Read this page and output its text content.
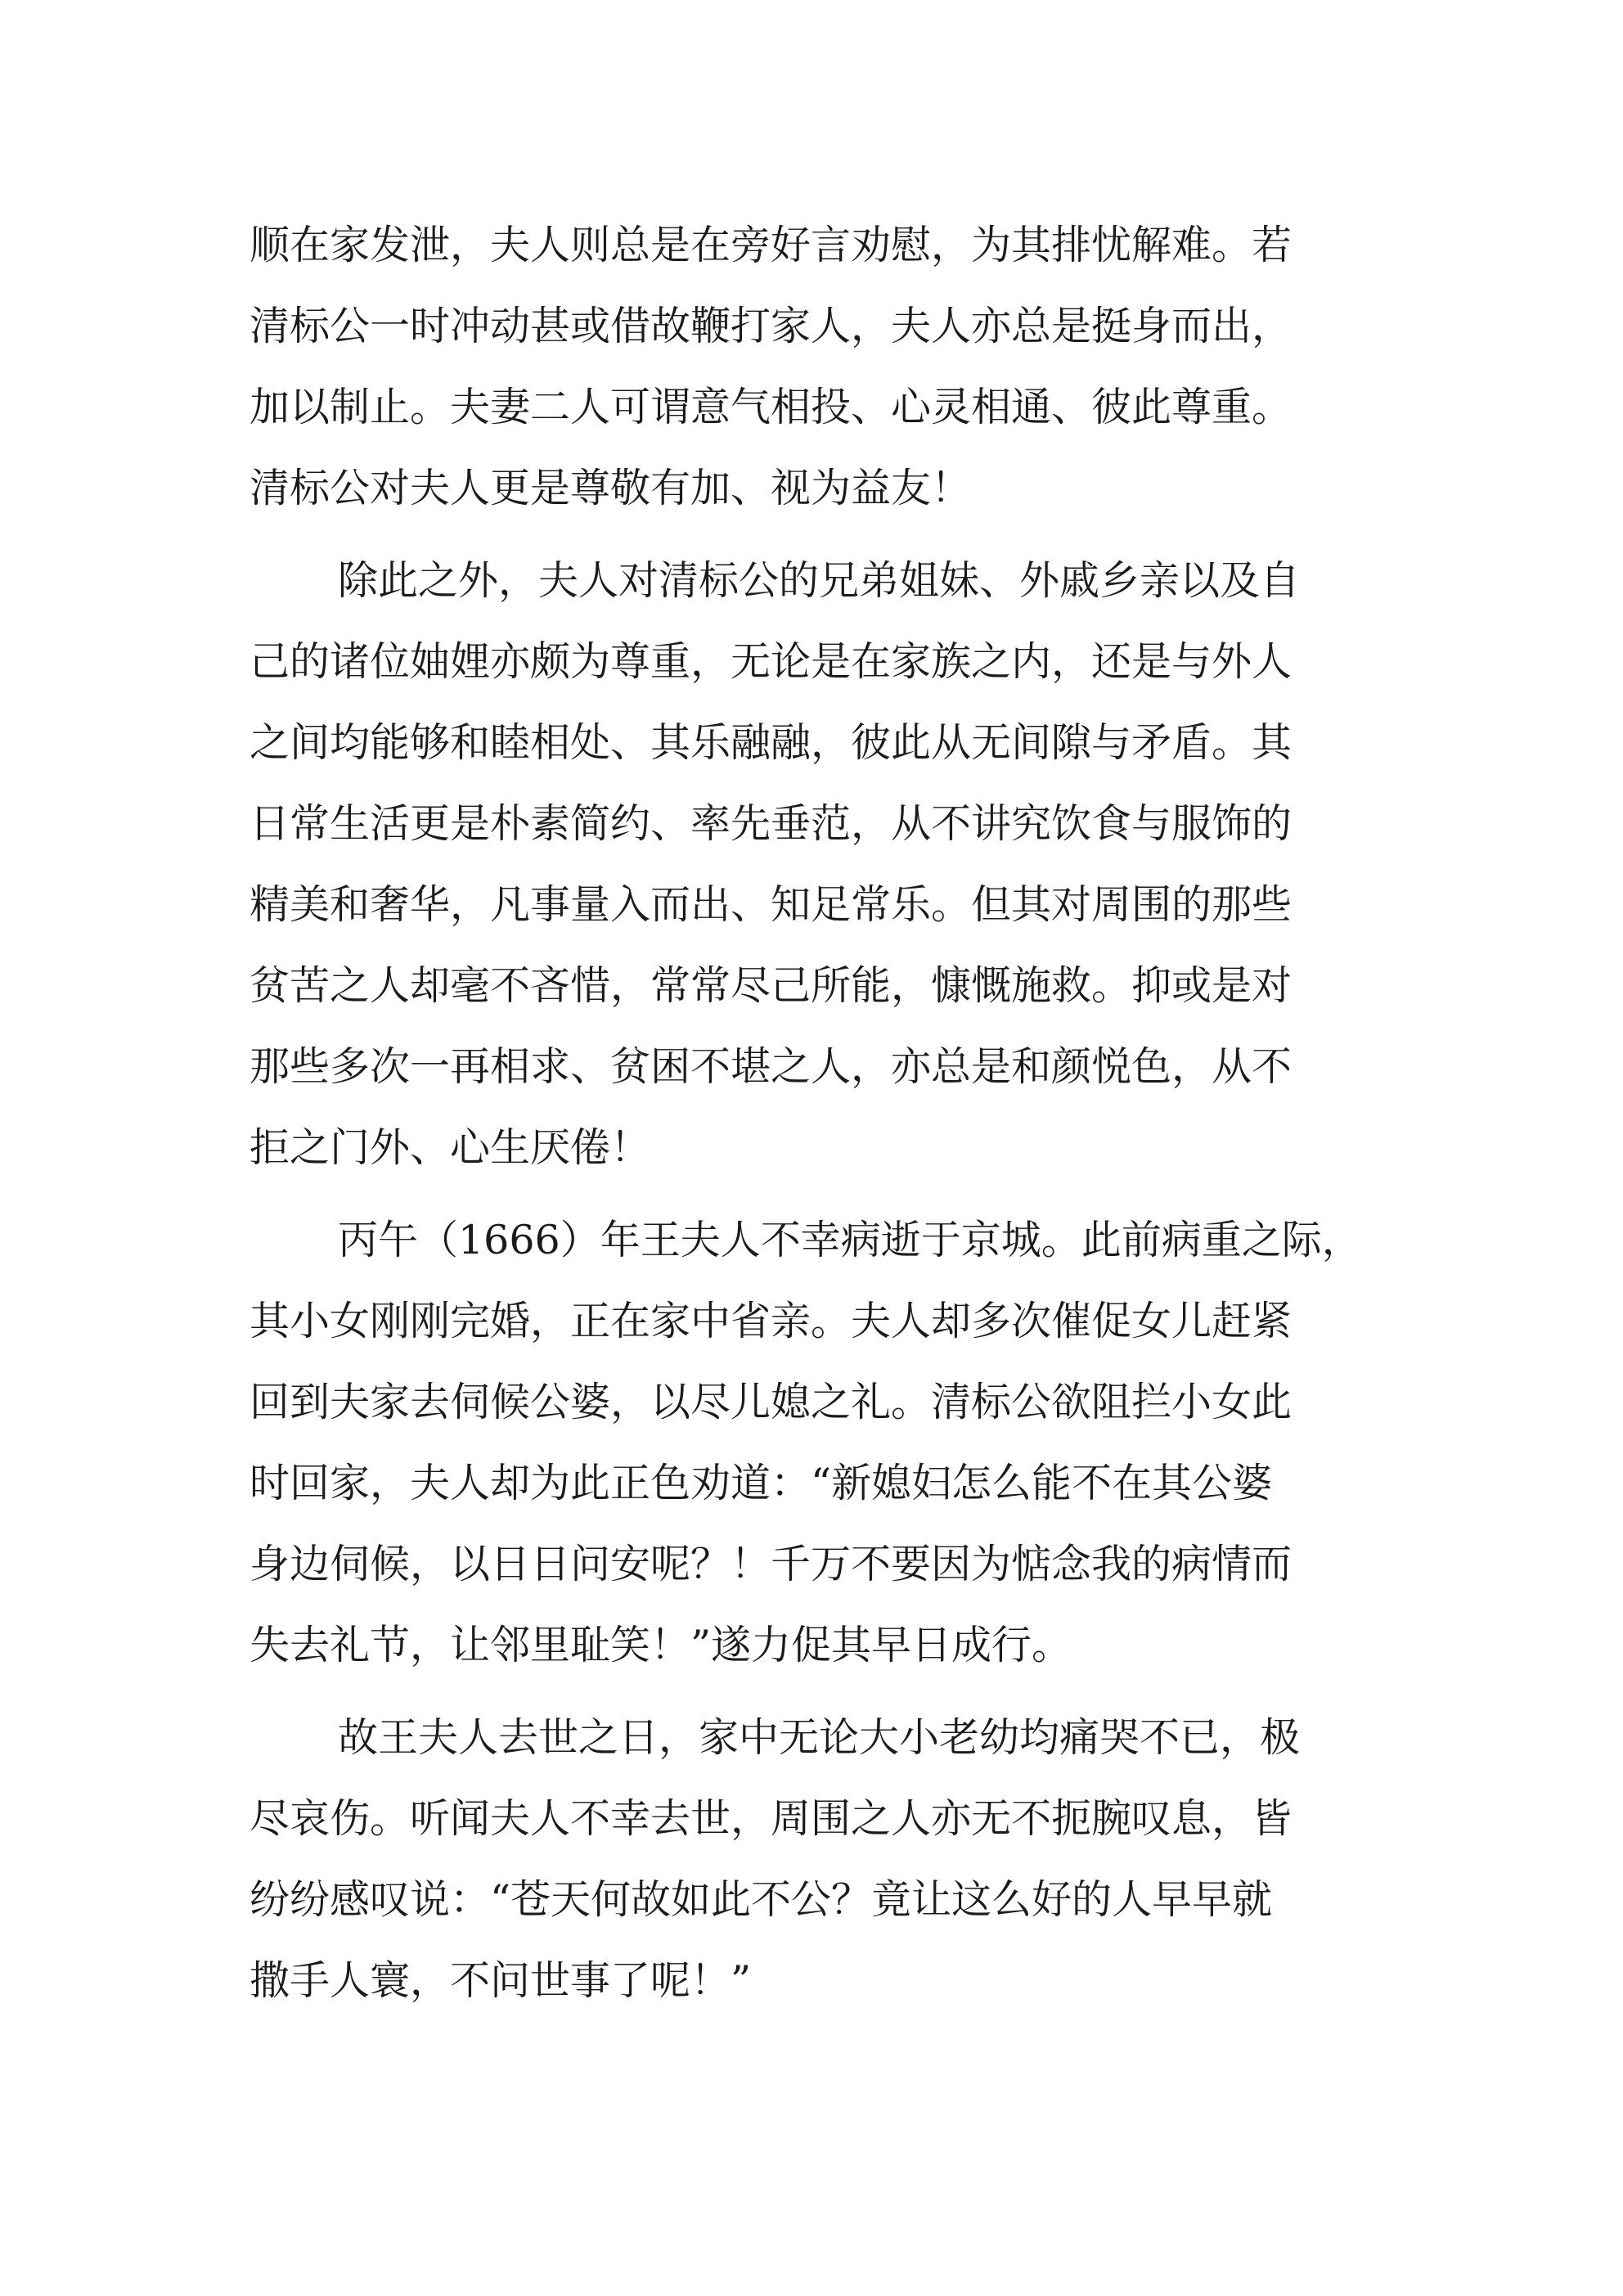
顺在家发泄，夫人则总是在旁好言劝慰，为其排忧解难。若
清标公一时冲动甚或借故鞭打家人，夫人亦总是挺身而出，
加以制止。夫妻二人可谓意气相投、心灵相通、彼此尊重。
清标公对夫人更是尊敬有加、视为益友！
除此之外，夫人对清标公的兄弟姐妹、外戚乡亲以及自
己的诸位妯娌亦颇为尊重，无论是在家族之内，还是与外人
之间均能够和睦相处、其乐融融，彼此从无间隙与矛盾。其
日常生活更是朴素简约、率先垂范，从不讲究饮食与服饰的
精美和奢华，凡事量入而出、知足常乐。但其对周围的那些
贫苦之人却毫不吝惜，常常尽己所能，慷慨施救。抑或是对
那些多次一再相求、贫困不堪之人，亦总是和颜悦色，从不
拒之门外、心生厌倦！
丙午（1666）年王夫人不幸病逝于京城。此前病重之际，
其小女刚刚完婚，正在家中省亲。夫人却多次催促女儿赶紧
回到夫家去伺候公婆，以尽儿媳之礼。清标公欲阻拦小女此
时回家，夫人却为此正色劝道：“新媳妇怎么能不在其公婆
身边伺候，以日日问安呢？！千万不要因为惦念我的病情而
失去礼节，让邻里耻笑！”遂力促其早日成行。
故王夫人去世之日，家中无论大小老幼均痛哭不已，极
尽哀伤。听闻夫人不幸去世，周围之人亦无不扼腕叹息，皆
纷纷感叹说：“苍天何故如此不公？竟让这么好的人早早就
撒手人寰，不问世事了呢！”
